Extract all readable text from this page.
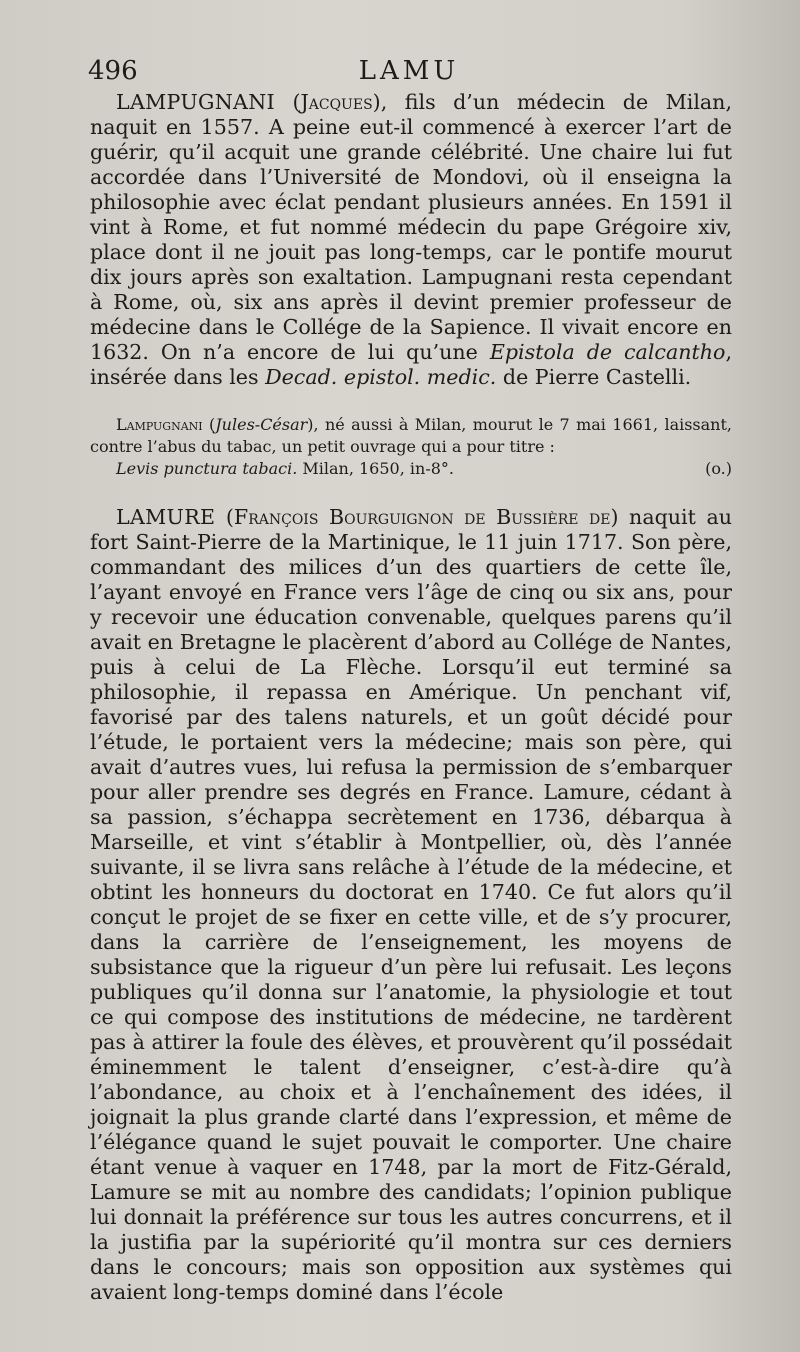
496	LAMU

LAMPUGNANI (Jacques), fils d’un médecin de Milan, naquit en 1557. A peine eut-il commencé à exercer l’art de guérir, qu’il acquit une grande célébrité. Une chaire lui fut accordée dans l’Université de Mondovi, où il enseigna la philosophie avec éclat pendant plusieurs années. En 1591 il vint à Rome, et fut nommé médecin du pape Grégoire xiv, place dont il ne jouit pas long-temps, car le pontife mourut dix jours après son exaltation. Lampugnani resta cependant à Rome, où, six ans après il devint premier professeur de médecine dans le Collége de la Sapience. Il vivait encore en 1632. On n’a encore de lui qu’une Epistola de calcantho, insérée dans les Decad. epistol. medic. de Pierre Castelli.

Lampugnani (Jules-César), né aussi à Milan, mourut le 7 mai 1661, laissant, contre l’abus du tabac, un petit ouvrage qui a pour titre :
Levis punctura tabaci. Milan, 1650, in-8°.	(o.)

LAMURE (François Bourguignon de Bussière de) naquit au fort Saint-Pierre de la Martinique, le 11 juin 1717. Son père, commandant des milices d’un des quartiers de cette île, l’ayant envoyé en France vers l’âge de cinq ou six ans, pour y recevoir une éducation convenable, quelques parens qu’il avait en Bretagne le placèrent d’abord au Collége de Nantes, puis à celui de La Flèche. Lorsqu’il eut terminé sa philosophie, il repassa en Amérique. Un penchant vif, favorisé par des talens naturels, et un goût décidé pour l’étude, le portaient vers la médecine; mais son père, qui avait d’autres vues, lui refusa la permission de s’embarquer pour aller prendre ses degrés en France. Lamure, cédant à sa passion, s’échappa secrètement en 1736, débarqua à Marseille, et vint s’établir à Montpellier, où, dès l’année suivante, il se livra sans relâche à l’étude de la médecine, et obtint les honneurs du doctorat en 1740. Ce fut alors qu’il conçut le projet de se fixer en cette ville, et de s’y procurer, dans la carrière de l’enseignement, les moyens de subsistance que la rigueur d’un père lui refusait. Les leçons publiques qu’il donna sur l’anatomie, la physiologie et tout ce qui compose des institutions de médecine, ne tardèrent pas à attirer la foule des élèves, et prouvèrent qu’il possédait éminemment le talent d’enseigner, c’est-à-dire qu’à l’abondance, au choix et à l’enchaînement des idées, il joignait la plus grande clarté dans l’expression, et même de l’élégance quand le sujet pouvait le comporter. Une chaire étant venue à vaquer en 1748, par la mort de Fitz-Gérald, Lamure se mit au nombre des candidats; l’opinion publique lui donnait la préférence sur tous les autres concurrens, et il la justifia par la supériorité qu’il montra sur ces derniers dans le concours; mais son opposition aux systèmes qui avaient long-temps dominé dans l’école
